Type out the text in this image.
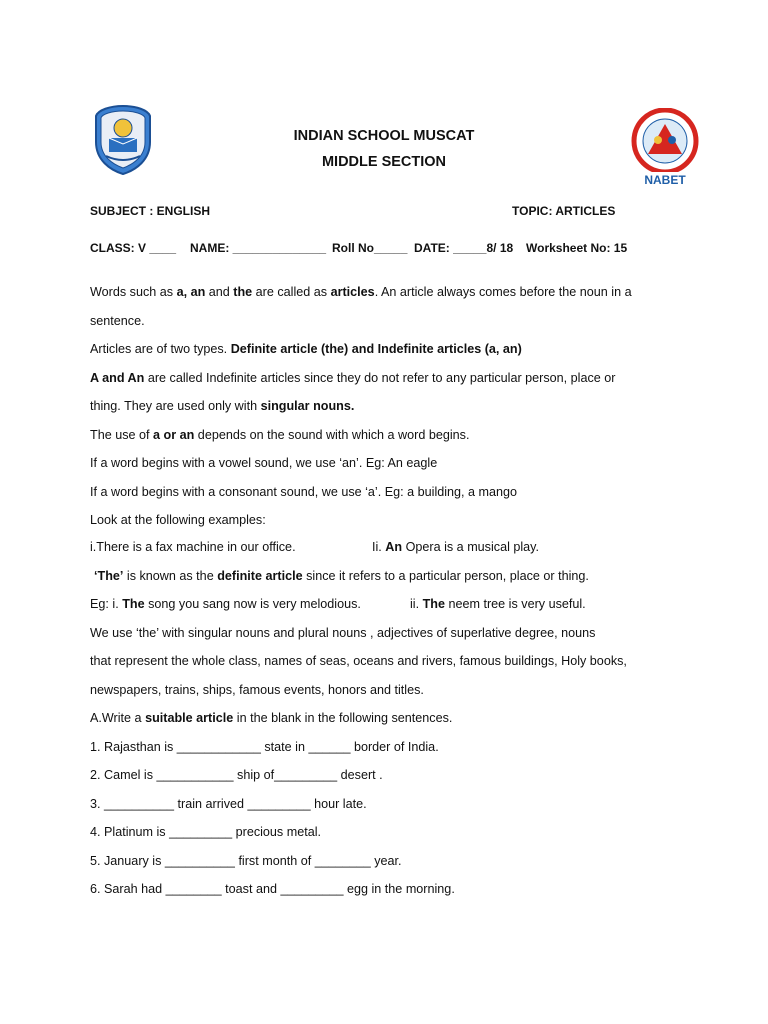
NABET
INDIAN SCHOOL MUSCAT
MIDDLE SECTION
SUBJECT : ENGLISH	TOPIC: ARTICLES
CLASS: V ____ NAME: ______________ Roll No_____ DATE: _____8/ 18 Worksheet No: 15
Words such as a, an and the are called as articles. An article always comes before the noun in a
sentence.
Articles are of two types. Definite article (the) and Indefinite articles (a, an)
A and An are called Indefinite articles since they do not refer to any particular person, place or
thing. They are used only with singular nouns.
The use of a or an depends on the sound with which a word begins.
If a word begins with a vowel sound, we use ‘an’. Eg: An eagle
If a word begins with a consonant sound, we use ‘a’. Eg: a building, a mango
Look at the following examples:
i.There is a fax machine in our office.	Ii. An Opera is a musical play.
‘The’ is known as the definite article since it refers to a particular person, place or thing.
Eg: i. The song you sang now is very melodious.	ii. The neem tree is very useful.
We use ‘the’ with singular nouns and plural nouns , adjectives of superlative degree, nouns
that represent the whole class, names of seas, oceans and rivers, famous buildings, Holy books,
newspapers, trains, ships, famous events, honors and titles.
A.Write a suitable article in the blank in the following sentences.
1. Rajasthan is ____________ state in ______ border of India.
2. Camel is ___________ ship of_________ desert .
3. __________ train arrived _________ hour late.
4. Platinum is _________ precious metal.
5. January is __________ first month of ________ year.
6. Sarah had ________ toast and _________ egg in the morning.
